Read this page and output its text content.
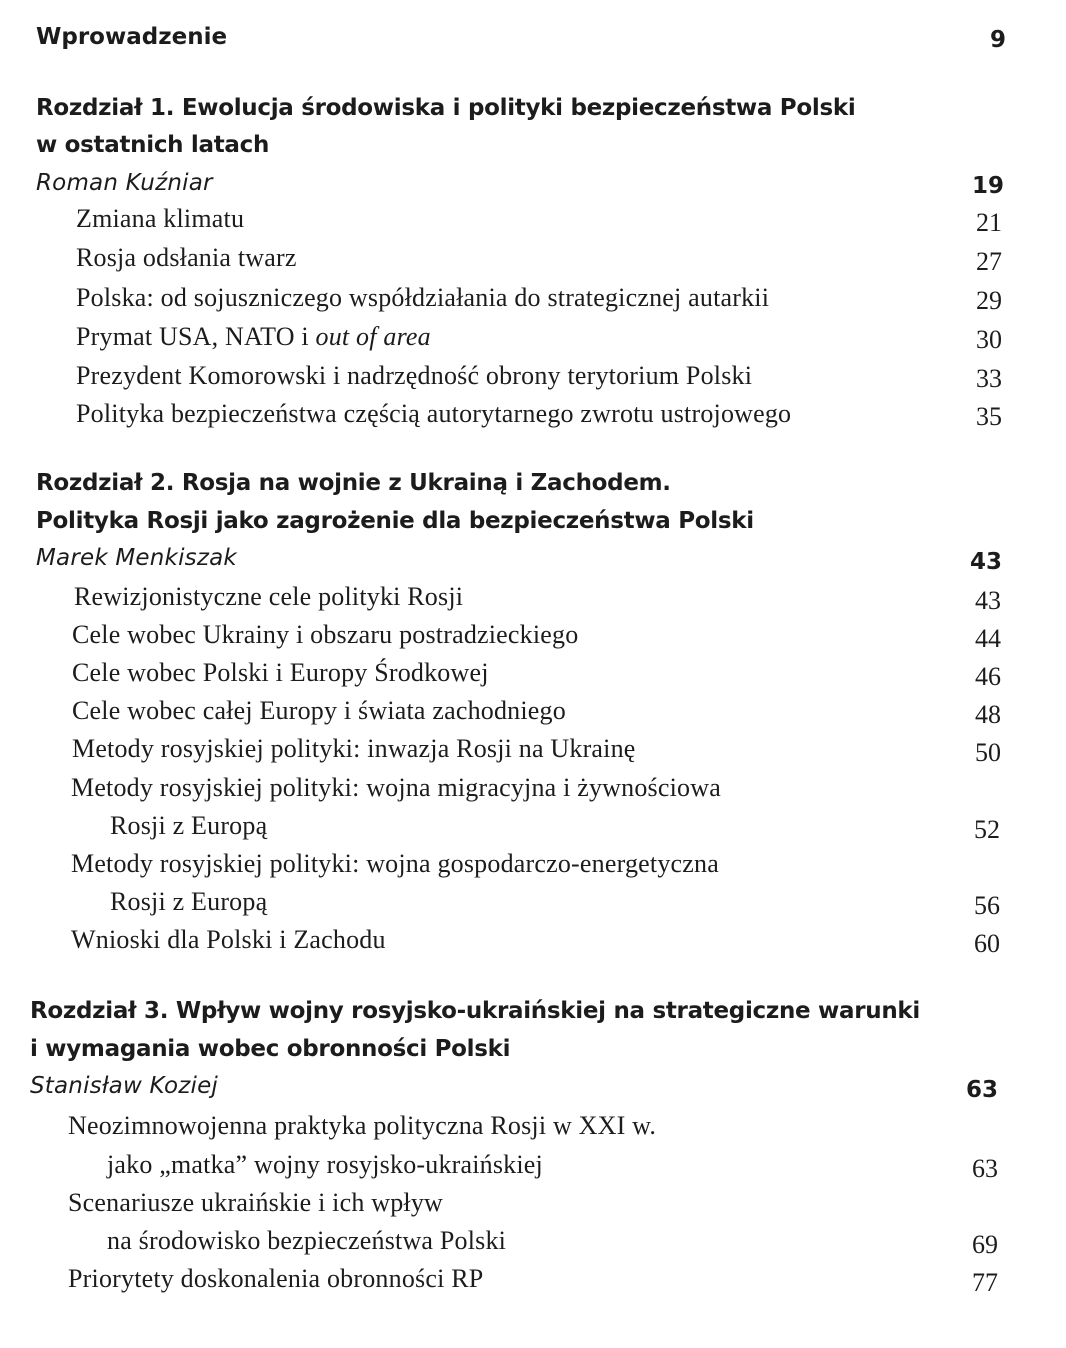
Wprowadzenie	9
Rozdział 1. Ewolucja środowiska i polityki bezpieczeństwa Polski
w ostatnich latach
Roman Kuźniar	19
Zmiana klimatu	21
Rosja odsłania twarz	27
Polska: od sojuszniczego współdziałania do strategicznej autarkii	29
Prymat USA, NATO i out of area	30
Prezydent Komorowski i nadrzędność obrony terytorium Polski	33
Polityka bezpieczeństwa częścią autorytarnego zwrotu ustrojowego	35
Rozdział 2. Rosja na wojnie z Ukrainą i Zachodem.
Polityka Rosji jako zagrożenie dla bezpieczeństwa Polski
Marek Menkiszak	43
Rewizjonistyczne cele polityki Rosji	43
Cele wobec Ukrainy i obszaru postradzieckiego	44
Cele wobec Polski i Europy Środkowej	46
Cele wobec całej Europy i świata zachodniego	48
Metody rosyjskiej polityki: inwazja Rosji na Ukrainę	50
Metody rosyjskiej polityki: wojna migracyjna i żywnościowa
Rosji z Europą	52
Metody rosyjskiej polityki: wojna gospodarczo-energetyczna
Rosji z Europą	56
Wnioski dla Polski i Zachodu	60
Rozdział 3. Wpływ wojny rosyjsko-ukraińskiej na strategiczne warunki
i wymagania wobec obronności Polski
Stanisław Koziej	63
Neozimnowojenna praktyka polityczna Rosji w XXI w.
jako „matka” wojny rosyjsko-ukraińskiej	63
Scenariusze ukraińskie i ich wpływ
na środowisko bezpieczeństwa Polski	69
Priorytety doskonalenia obronności RP	77
